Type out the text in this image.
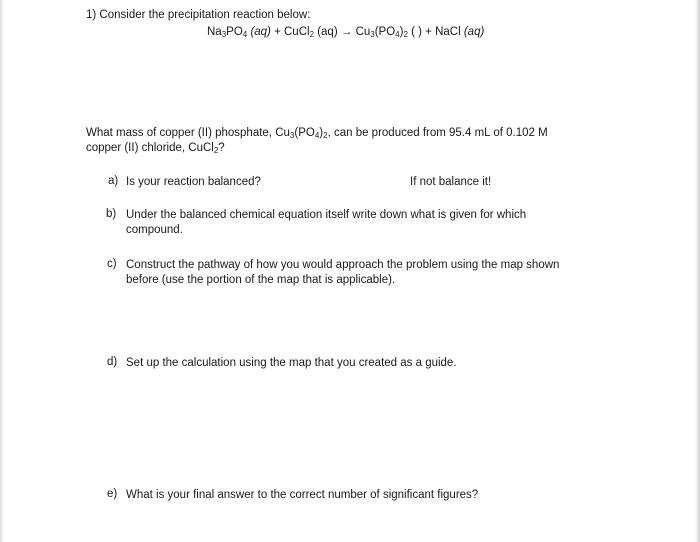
1) Consider the precipitation reaction below:
$Na_3PO_4$ (aq) + CuCl$_2$ $(aq) \to Cu_3(PO_4)_2$ ( ) + NaCl (aq)
What mass of copper (II) phosphate, $Cu_3(PO_4)_2$, can be produced from 95.4 mL of 0.102 M
copper (II) chloride, CuCl$_2$?
a) Is your reaction balanced?	If not balance it!
b) Under the balanced chemical equation itself write down what is given for which
compound.
c) Construct the pathway of how you would approach the problem using the map shown
before (use the portion of the map that is applicable).
d) Set up the calculation using the map that you created as a guide.
e) What is your final answer to the correct number of significant figures?
